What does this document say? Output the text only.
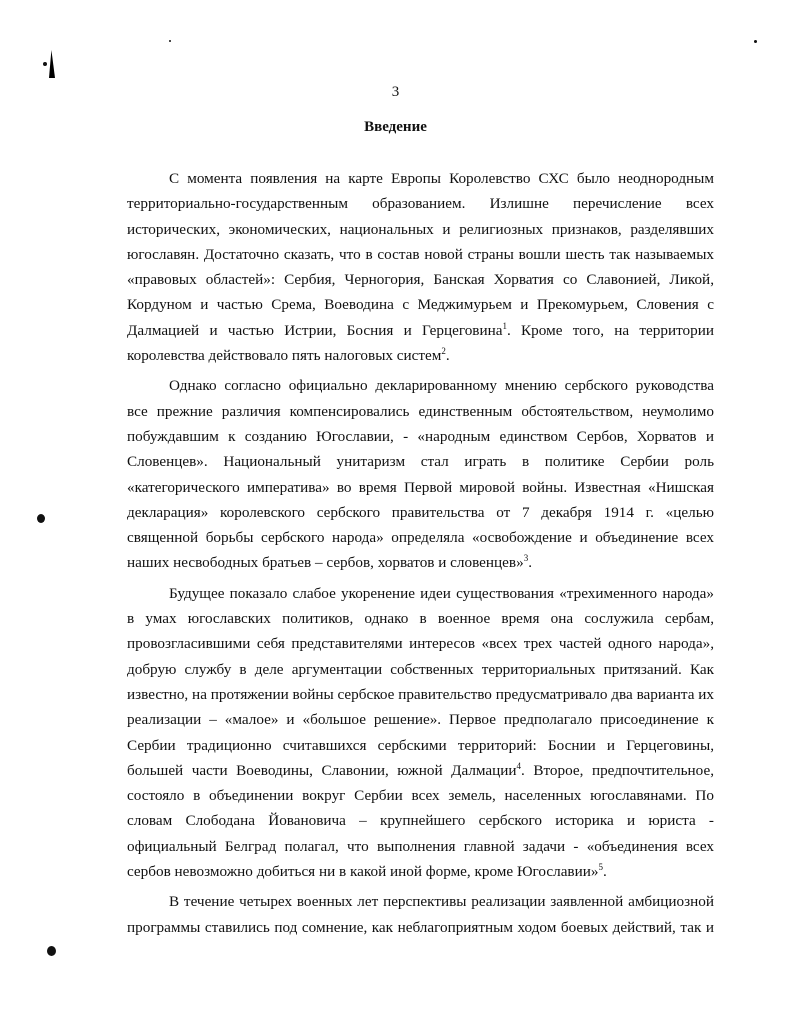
3
Введение

С момента появления на карте Европы Королевство СХС было неоднородным
территориально-государственным образованием. Излишне перечисление всех
исторических, экономических, национальных и религиозных признаков, разделявших
югославян. Достаточно сказать, что в состав новой страны вошли шесть так называемых
«правовых областей»: Сербия, Черногория, Банская Хорватия со Славонией, Ликой,
Кордуном и частью Срема, Воеводина с Меджимурьем и Прекомурьем, Словения с
Далмацией и частью Истрии, Босния и Герцеговина$^1$. Кроме того, на территории
королевства действовало пять налоговых систем$^2$.

Однако согласно официально декларированному мнению сербского руководства
все прежние различия компенсировались единственным обстоятельством, неумолимо
побуждавшим к созданию Югославии, - «народным единством Сербов, Хорватов и
Словенцев». Национальный унитаризм стал играть в политике Сербии роль
«категорического императива» во время Первой мировой войны. Известная «Нишская
декларация» королевского сербского правительства от 7 декабря 1914 г. «целью
священной борьбы сербского народа» определяла «освобождение и объединение всех
наших несвободных братьев – сербов, хорватов и словенцев»$^3$.

Будущее показало слабое укоренение идеи существования «трехименного народа»
в умах югославских политиков, однако в военное время она сослужила сербам,
провозгласившими себя представителями интересов «всех трех частей одного народа»,
добрую службу в деле аргументации собственных территориальных притязаний. Как
известно, на протяжении войны сербское правительство предусматривало два варианта их
реализации – «малое» и «большое решение». Первое предполагало присоединение к
Сербии традиционно считавшихся сербскими территорий: Боснии и Герцеговины,
большей части Воеводины, Славонии, южной Далмации$^4$. Второе, предпочтительное,
состояло в объединении вокруг Сербии всех земель, населенных югославянами. По
словам Слободана Йовановича – крупнейшего сербского историка и юриста -
официальный Белград полагал, что выполнения главной задачи - «объединения всех
сербов невозможно добиться ни в какой иной форме, кроме Югославии»$^5$.

В течение четырех военных лет перспективы реализации заявленной амбициозной
программы ставились под сомнение, как неблагоприятным ходом боевых действий, так и
